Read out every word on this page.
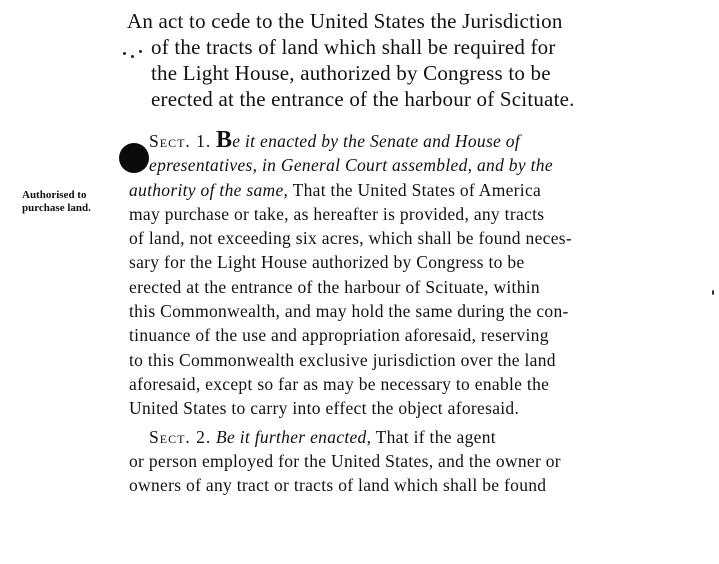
An act to cede to the United States the Jurisdiction
of the tracts of land which shall be required for
the Light House, authorized by Congress to be
erected at the entrance of the harbour of Scituate.
Authorised to
purchase land.
Sect. 1. Be it enacted by the Senate and House of
epresentatives, in General Court assembled, and by the
authority of the same, That the United States of America
may purchase or take, as hereafter is provided, any tracts
of land, not exceeding six acres, which shall be found neces-
sary for the Light House authorized by Congress to be
erected at the entrance of the harbour of Scituate, within
this Commonwealth, and may hold the same during the con-
tinuance of the use and appropriation aforesaid, reserving
to this Commonwealth exclusive jurisdiction over the land
aforesaid, except so far as may be necessary to enable the
United States to carry into effect the object aforesaid.
Sect. 2. Be it further enacted, That if the agent
or person employed for the United States, and the owner or
owners of any tract or tracts of land which shall be found
